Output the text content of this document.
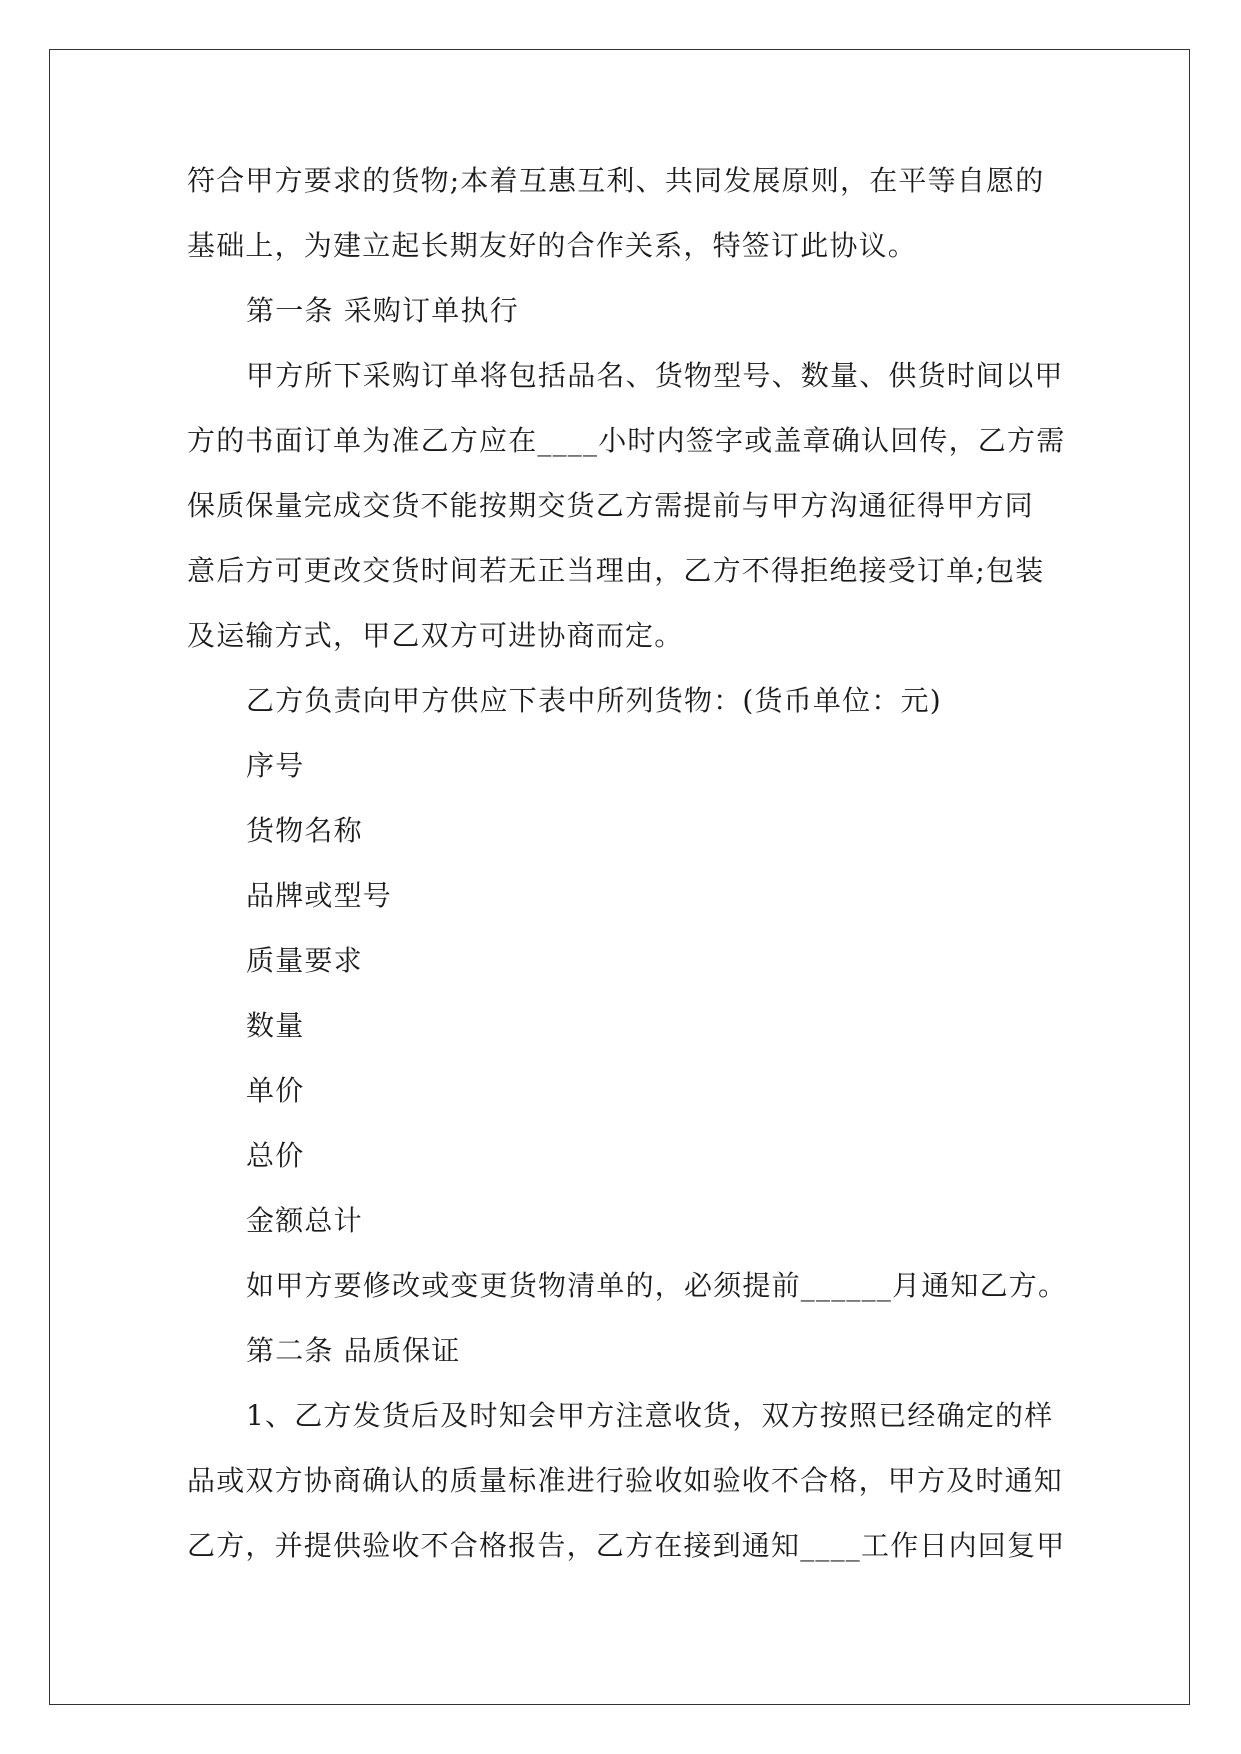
符合甲方要求的货物;本着互惠互利、共同发展原则，在平等自愿的
基础上，为建立起长期友好的合作关系，特签订此协议。
第一条 采购订单执行
甲方所下采购订单将包括品名、货物型号、数量、供货时间以甲
方的书面订单为准乙方应在____小时内签字或盖章确认回传，乙方需
保质保量完成交货不能按期交货乙方需提前与甲方沟通征得甲方同
意后方可更改交货时间若无正当理由，乙方不得拒绝接受订单;包装
及运输方式，甲乙双方可进协商而定。
乙方负责向甲方供应下表中所列货物：(货币单位：元)
序号
货物名称
品牌或型号
质量要求
数量
单价
总价
金额总计
如甲方要修改或变更货物清单的，必须提前______月通知乙方。
第二条 品质保证
1、乙方发货后及时知会甲方注意收货，双方按照已经确定的样
品或双方协商确认的质量标准进行验收如验收不合格，甲方及时通知
乙方，并提供验收不合格报告，乙方在接到通知____工作日内回复甲
